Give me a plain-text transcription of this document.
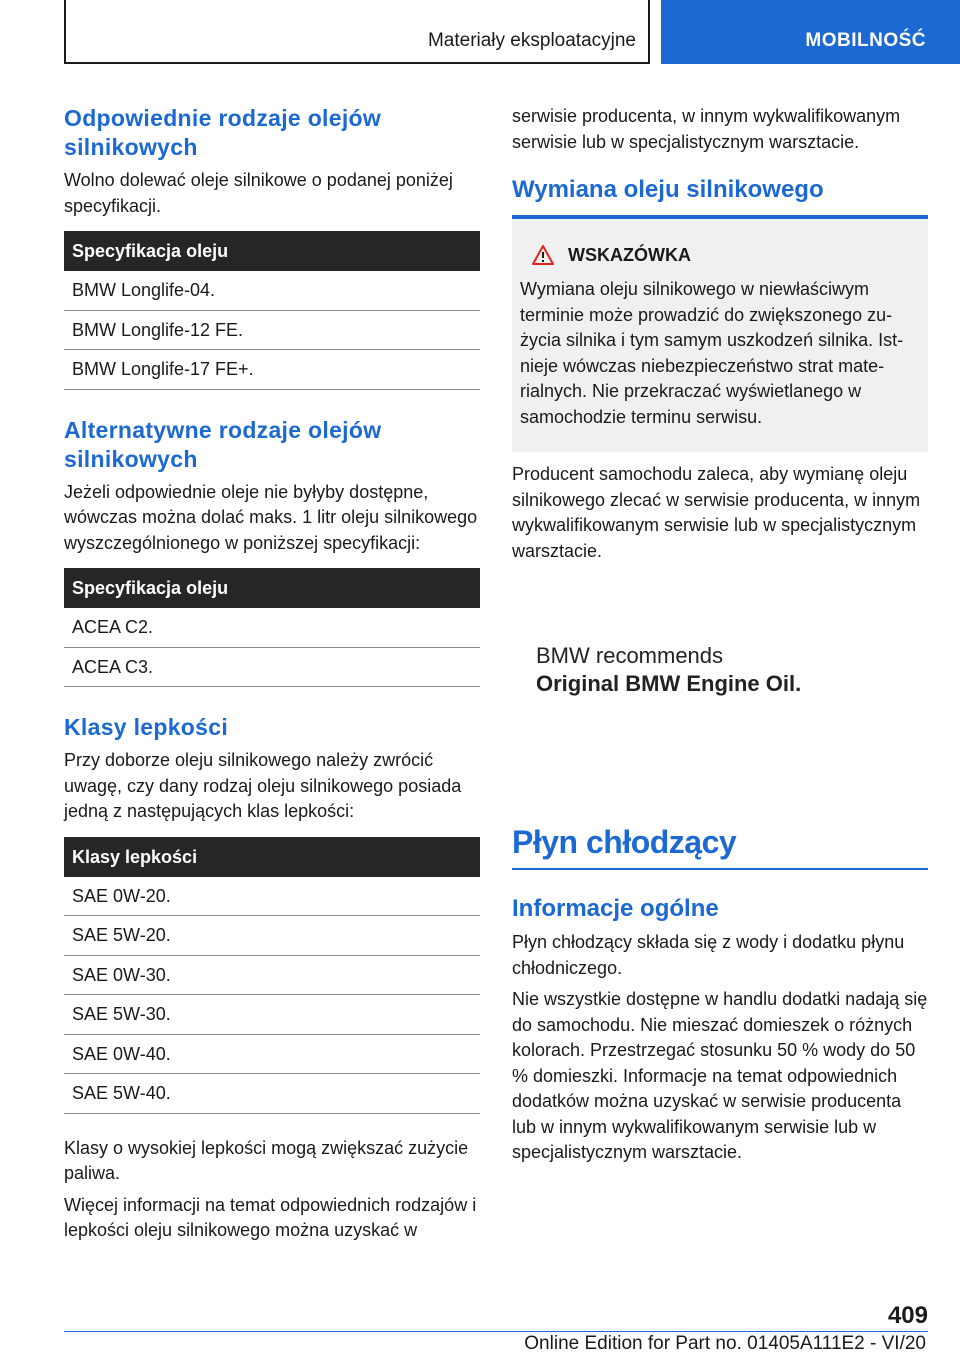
Materiały eksploatacyjne	MOBILNOŚĆ
Odpowiednie rodzaje olejów silnikowych

Wolno dolewać oleje silnikowe o podanej poniżej specyfikacji.

Specyfikacja oleju
BMW Longlife-04.
BMW Longlife-12 FE.
BMW Longlife-17 FE+.
Alternatywne rodzaje olejów silnikowych

Jeżeli odpowiednie oleje nie byłyby dostępne, wówczas można dolać maks. 1 litr oleju silnikowego wyszczególnionego w poniższej specyfikacji:

Specyfikacja oleju
ACEA C2.
ACEA C3.
Klasy lepkości

Przy doborze oleju silnikowego należy zwrócić uwagę, czy dany rodzaj oleju silnikowego posiada jedną z następujących klas lepkości:

Klasy lepkości
SAE 0W-20.
SAE 5W-20.
SAE 0W-30.
SAE 5W-30.
SAE 0W-40.
SAE 5W-40.

Klasy o wysokiej lepkości mogą zwiększać zużycie paliwa.

Więcej informacji na temat odpowiednich rodzajów i lepkości oleju silnikowego można uzyskać w

serwisie producenta, w innym wykwalifikowanym serwisie lub w specjalistycznym warsztacie.

Wymiana oleju silnikowego
WSKAZÓWKA

Wymiana oleju silnikowego w niewłaściwym terminie może prowadzić do zwiększonego zużycia silnika i tym samym uszkodzeń silnika. Istnieje wówczas niebezpieczeństwo strat materialnych. Nie przekraczać wyświetlanego w samochodzie terminu serwisu.

Producent samochodu zaleca, aby wymianę oleju silnikowego zlecać w serwisie producenta, w innym wykwalifikowanym serwisie lub w specjalistycznym warsztacie.

BMW recommends
Original BMW Engine Oil.
Płyn chłodzący
Informacje ogólne

Płyn chłodzący składa się z wody i dodatku płynu chłodniczego.

Nie wszystkie dostępne w handlu dodatki nadają się do samochodu. Nie mieszać domieszek o różnych kolorach. Przestrzegać stosunku 50 % wody do 50 % domieszki. Informacje na temat odpowiednich dodatków można uzyskać w serwisie producenta lub w innym wykwalifikowanym serwisie lub w specjalistycznym warsztacie.

409
Online Edition for Part no. 01405A111E2 - VI/20
